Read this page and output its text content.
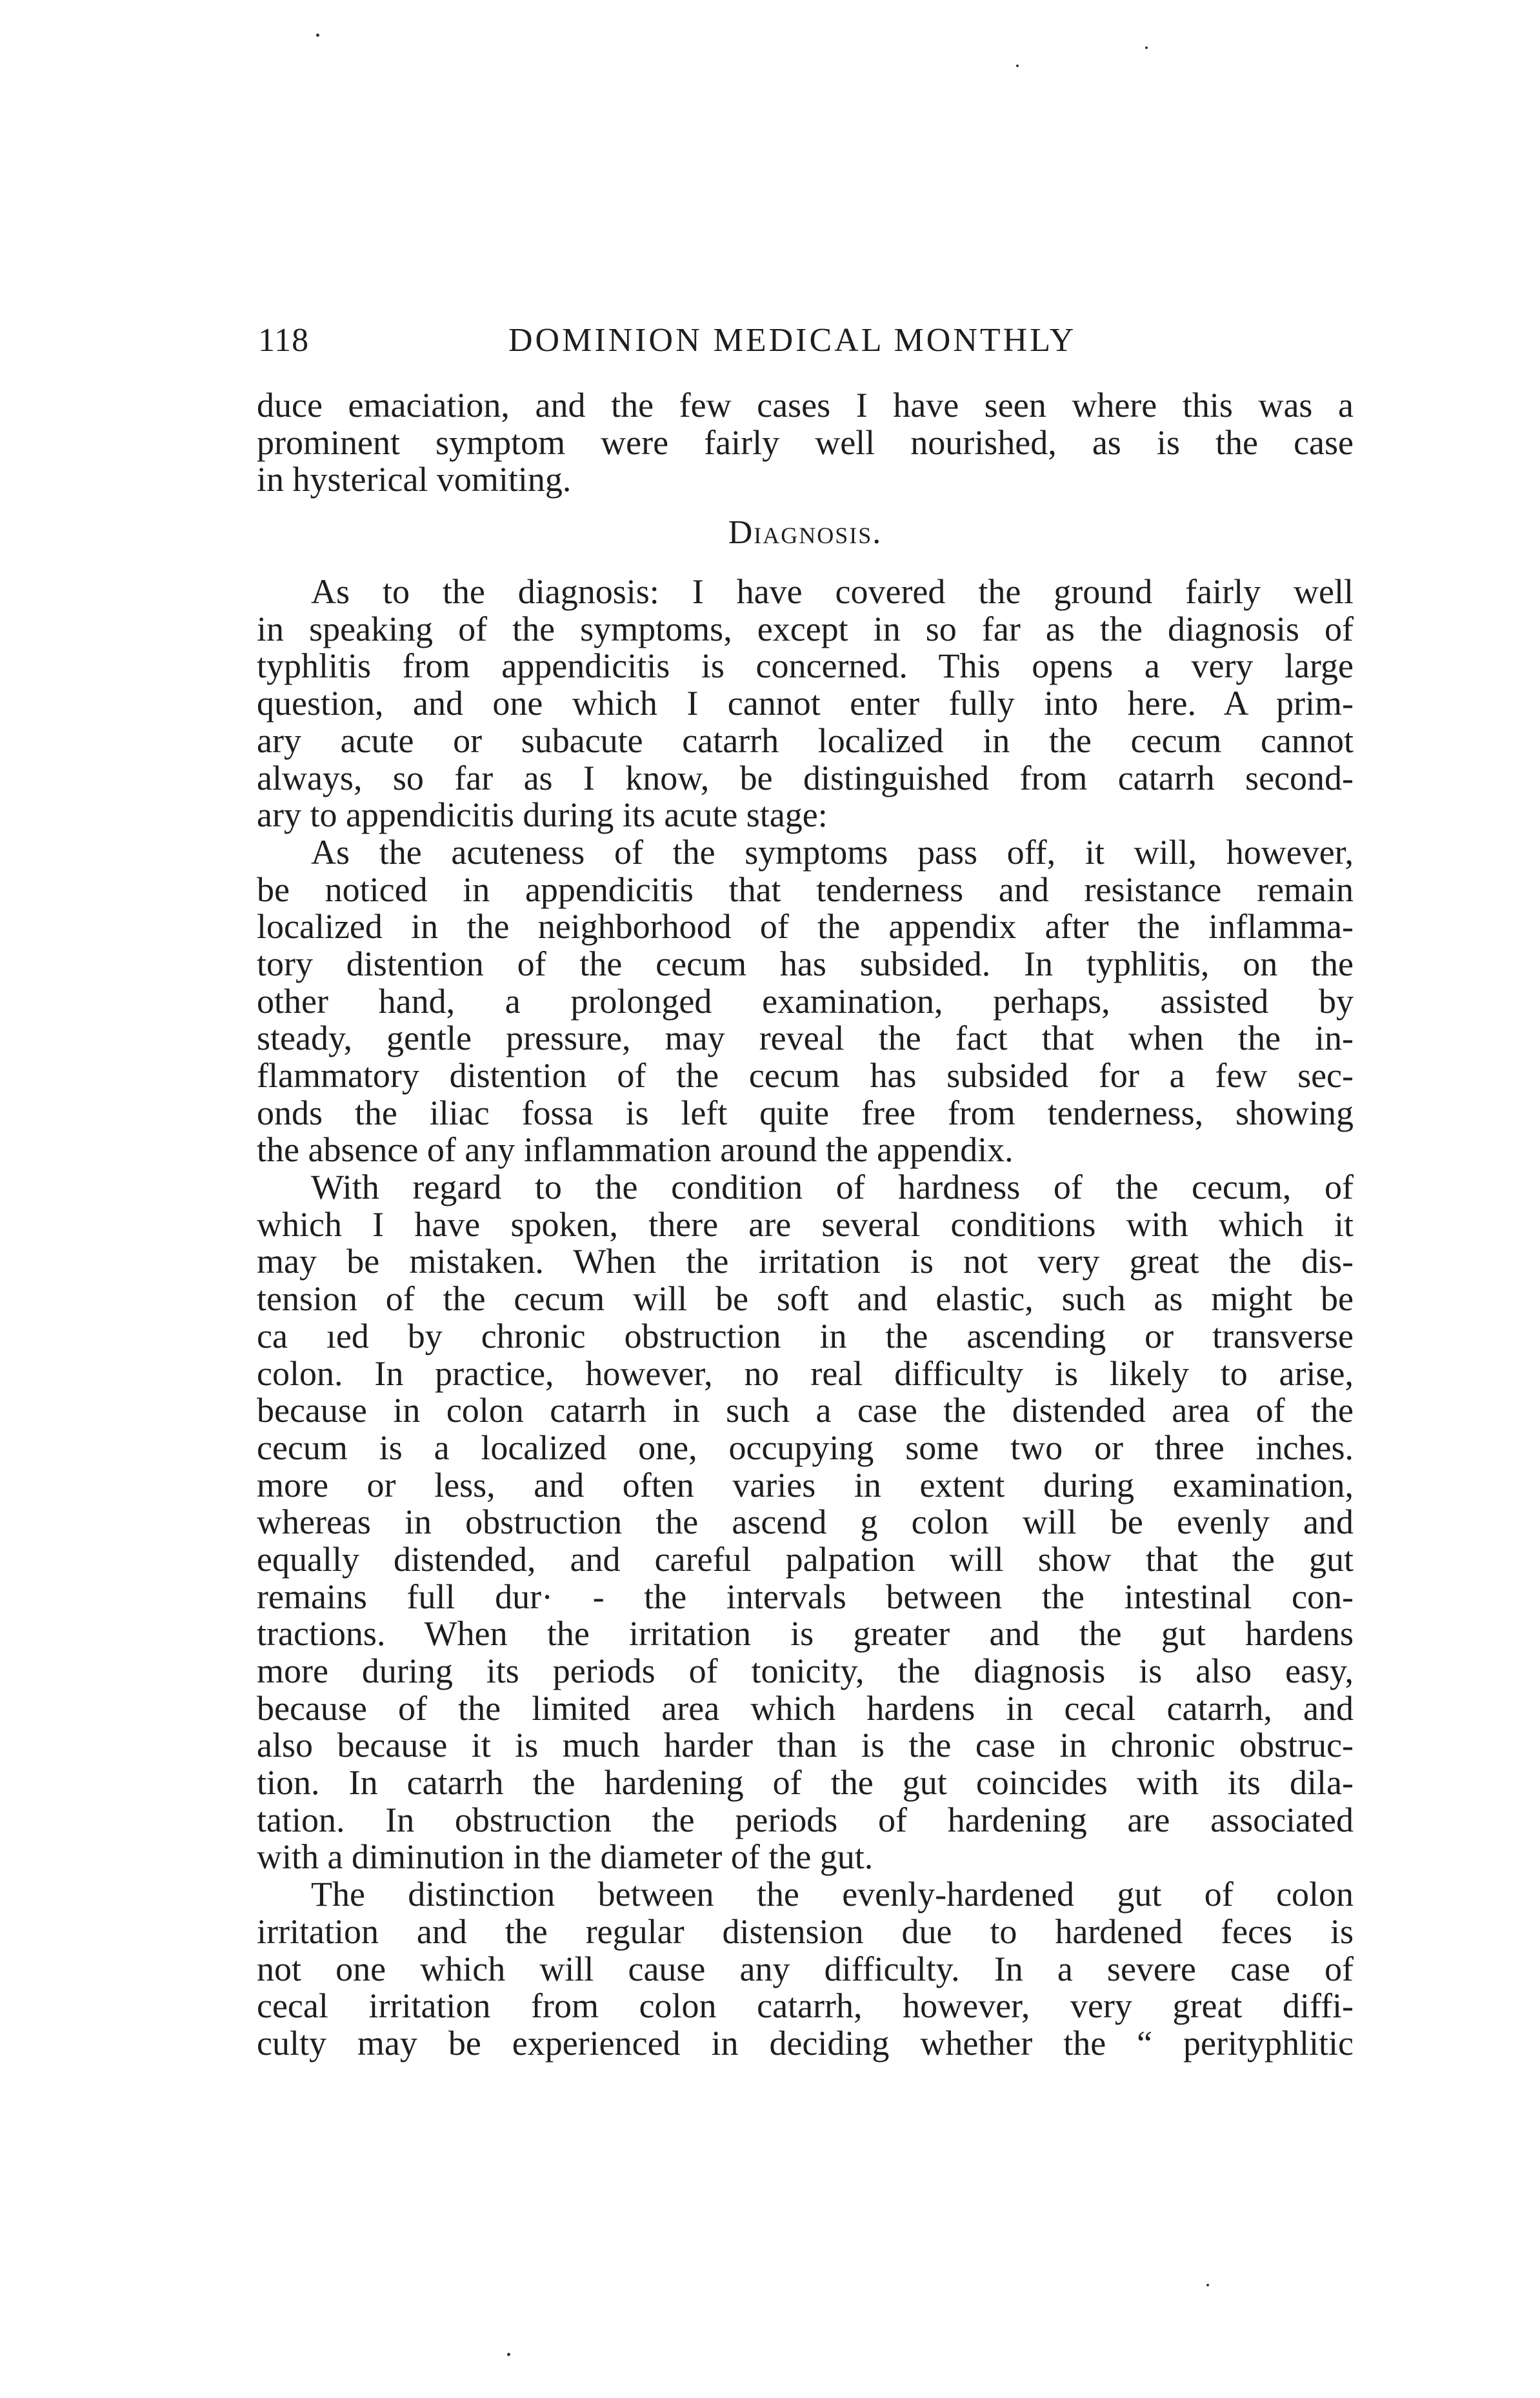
118	DOMINION MEDICAL MONTHLY
duce emaciation, and the few cases I have seen where this was a
prominent symptom were fairly well nourished, as is the case
in hysterical vomiting.
Diagnosis.
As to the diagnosis: I have covered the ground fairly well
in speaking of the symptoms, except in so far as the diagnosis of
typhlitis from appendicitis is concerned. This opens a very large
question, and one which I cannot enter fully into here. A prim-
ary acute or subacute catarrh localized in the cecum cannot
always, so far as I know, be distinguished from catarrh second-
ary to appendicitis during its acute stage:
As the acuteness of the symptoms pass off, it will, however,
be noticed in appendicitis that tenderness and resistance remain
localized in the neighborhood of the appendix after the inflamma-
tory distention of the cecum has subsided. In typhlitis, on the
other hand, a prolonged examination, perhaps, assisted by
steady, gentle pressure, may reveal the fact that when the in-
flammatory distention of the cecum has subsided for a few sec-
onds the iliac fossa is left quite free from tenderness, showing
the absence of any inflammation around the appendix.
With regard to the condition of hardness of the cecum, of
which I have spoken, there are several conditions with which it
may be mistaken. When the irritation is not very great the dis-
tension of the cecum will be soft and elastic, such as might be
ca ıed by chronic obstruction in the ascending or transverse
colon. In practice, however, no real difficulty is likely to arise,
because in colon catarrh in such a case the distended area of the
cecum is a localized one, occupying some two or three inches.
more or less, and often varies in extent during examination,
whereas in obstruction the ascend g colon will be evenly and
equally distended, and careful palpation will show that the gut
remains full dur· - the intervals between the intestinal con-
tractions. When the irritation is greater and the gut hardens
more during its periods of tonicity, the diagnosis is also easy,
because of the limited area which hardens in cecal catarrh, and
also because it is much harder than is the case in chronic obstruc-
tion. In catarrh the hardening of the gut coincides with its dila-
tation. In obstruction the periods of hardening are associated
with a diminution in the diameter of the gut.
The distinction between the evenly-hardened gut of colon
irritation and the regular distension due to hardened feces is
not one which will cause any difficulty. In a severe case of
cecal irritation from colon catarrh, however, very great diffi-
culty may be experienced in deciding whether the “ perityphlitic
